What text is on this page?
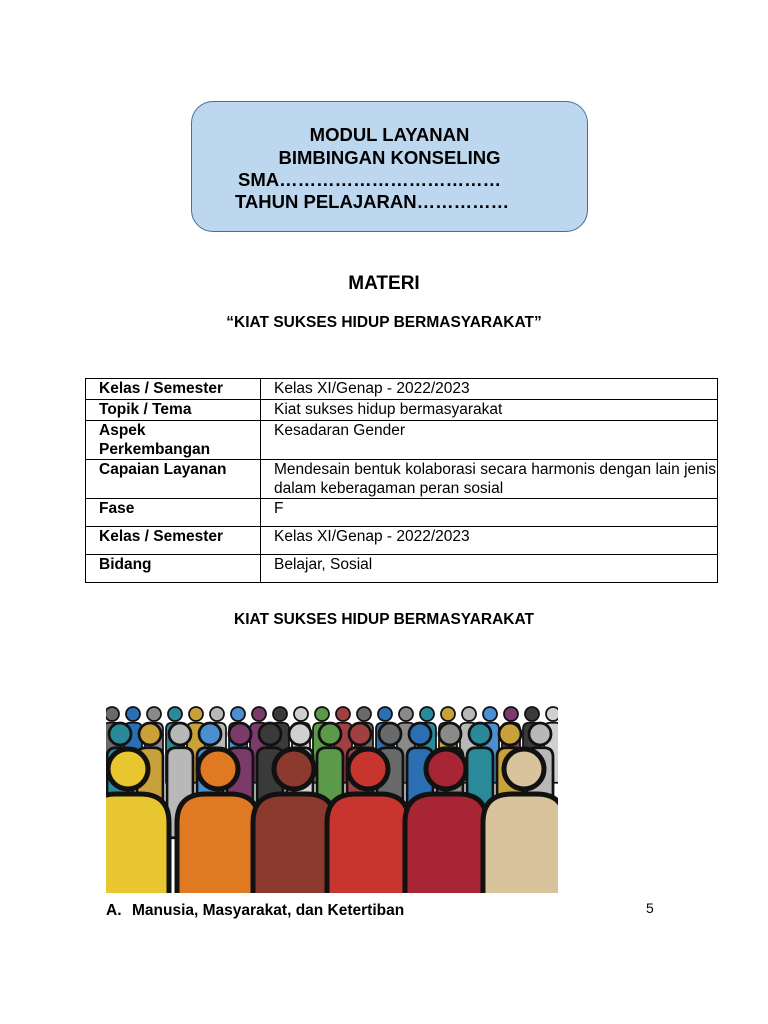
MODUL LAYANAN
BIMBINGAN KONSELING
SMA………………………………
TAHUN PELAJARAN……………
MATERI
“KIAT SUKSES HIDUP BERMASYARAKAT”
Kelas / Semester	Kelas XI/Genap - 2022/2023
Topik / Tema	Kiat sukses hidup bermasyarakat
Aspek Perkembangan	Kesadaran Gender
Capaian Layanan	Mendesain bentuk kolaborasi secara harmonis dengan lain jenis dalam keberagaman peran sosial
Fase	F
Kelas / Semester	Kelas XI/Genap - 2022/2023
Bidang	Belajar, Sosial
KIAT SUKSES HIDUP BERMASYARAKAT
A. Manusia, Masyarakat, dan Ketertiban	5
